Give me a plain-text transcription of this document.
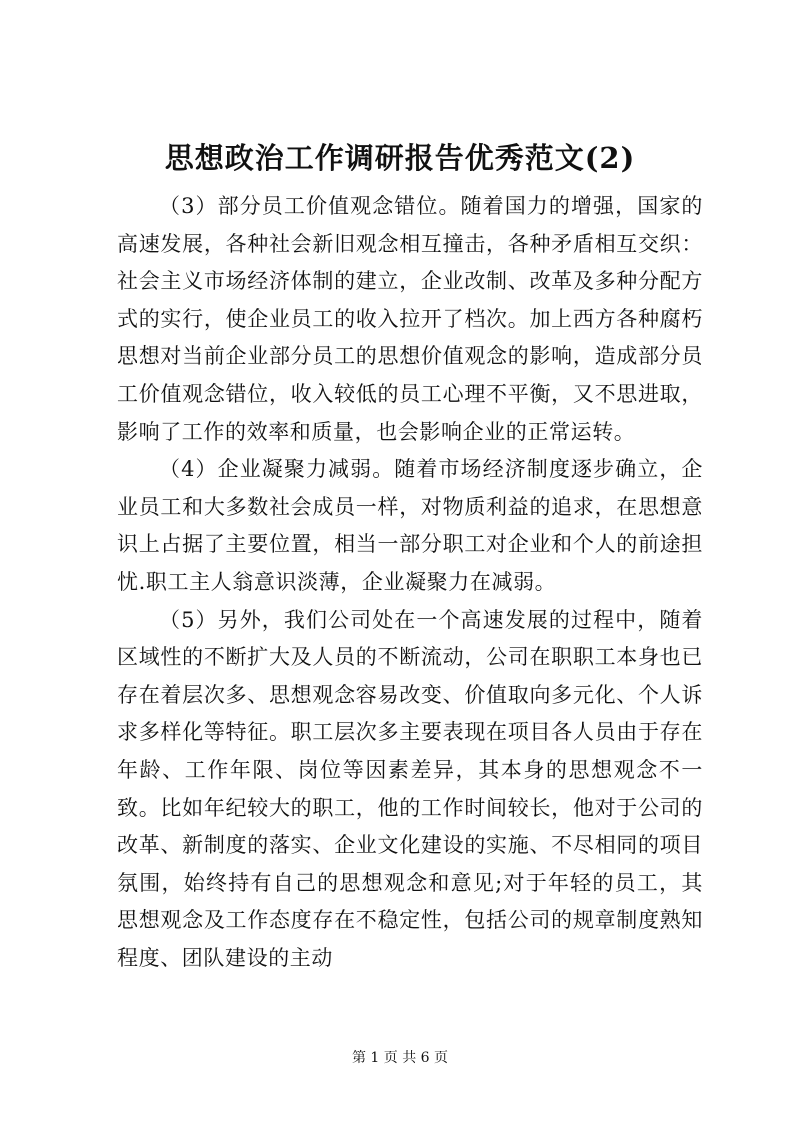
思想政治工作调研报告优秀范文(2)

（3）部分员工价值观念错位。随着国力的增强，国家的高速发展，各种社会新旧观念相互撞击，各种矛盾相互交织：社会主义市场经济体制的建立，企业改制、改革及多种分配方式的实行，使企业员工的收入拉开了档次。加上西方各种腐朽思想对当前企业部分员工的思想价值观念的影响，造成部分员工价值观念错位，收入较低的员工心理不平衡，又不思进取，影响了工作的效率和质量，也会影响企业的正常运转。

（4）企业凝聚力减弱。随着市场经济制度逐步确立，企业员工和大多数社会成员一样，对物质利益的追求，在思想意识上占据了主要位置，相当一部分职工对企业和个人的前途担忧.职工主人翁意识淡薄，企业凝聚力在减弱。

（5）另外，我们公司处在一个高速发展的过程中，随着区域性的不断扩大及人员的不断流动，公司在职职工本身也已存在着层次多、思想观念容易改变、价值取向多元化、个人诉求多样化等特征。职工层次多主要表现在项目各人员由于存在年龄、工作年限、岗位等因素差异，其本身的思想观念不一致。比如年纪较大的职工，他的工作时间较长，他对于公司的改革、新制度的落实、企业文化建设的实施、不尽相同的项目氛围，始终持有自己的思想观念和意见;对于年轻的员工，其思想观念及工作态度存在不稳定性，包括公司的规章制度熟知程度、团队建设的主动

第 1 页 共 6 页
